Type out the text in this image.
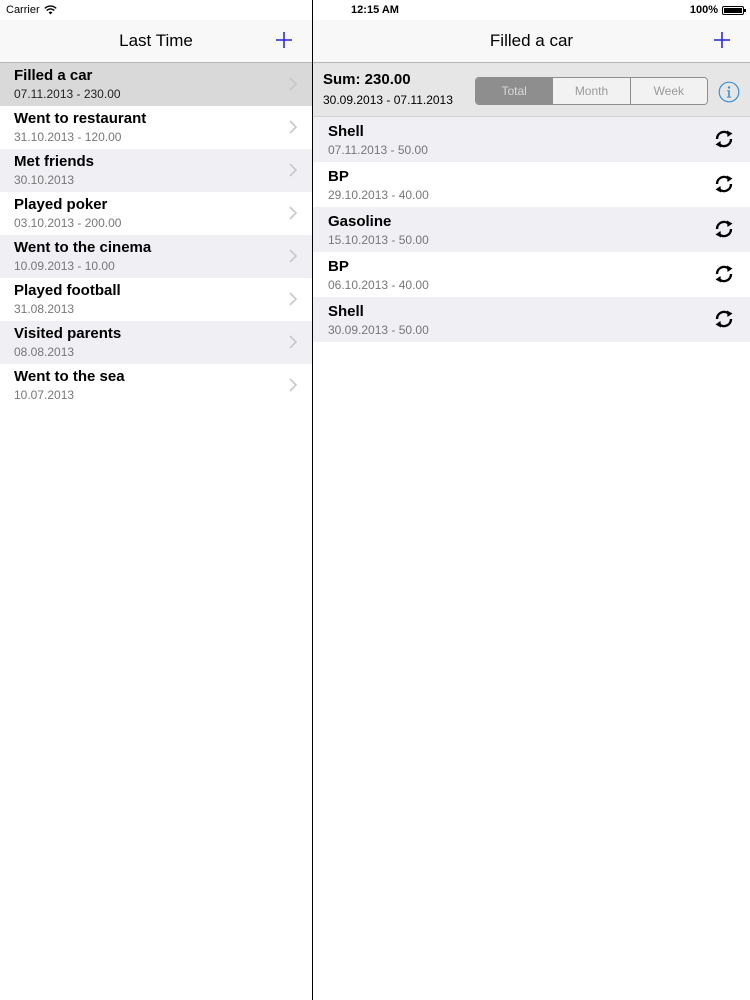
Carrier	12:15 AM	100%
Last Time
Filled a car
07.11.2013 - 230.00
Went to restaurant
31.10.2013 - 120.00
Met friends
30.10.2013
Played poker
03.10.2013 - 200.00
Went to the cinema
10.09.2013 - 10.00
Played football
31.08.2013
Visited parents
08.08.2013
Went to the sea
10.07.2013
Filled a car
Sum: 230.00
30.09.2013 - 07.11.2013
Total	Month	Week
Shell
07.11.2013 - 50.00
BP
29.10.2013 - 40.00
Gasoline
15.10.2013 - 50.00
BP
06.10.2013 - 40.00
Shell
30.09.2013 - 50.00
